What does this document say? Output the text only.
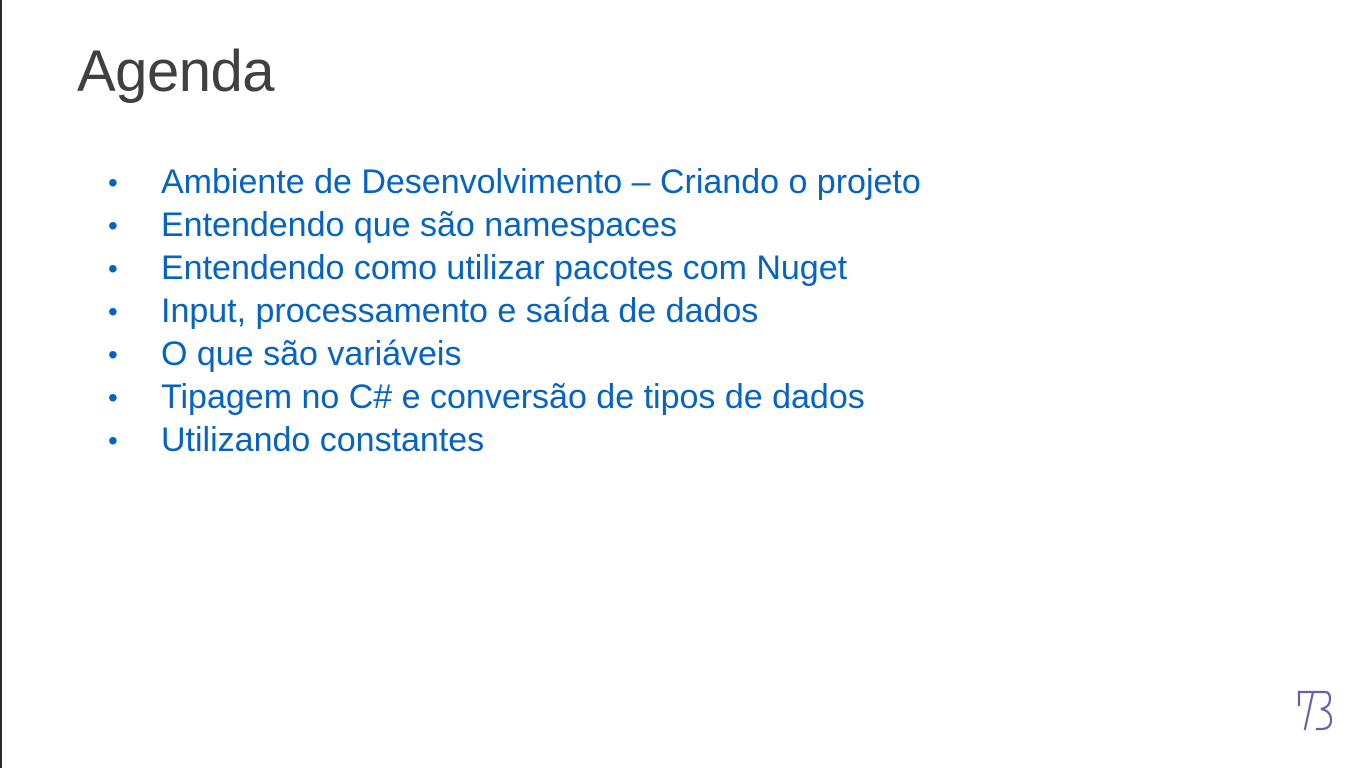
Agenda
•	Ambiente de Desenvolvimento – Criando o projeto
•	Entendendo que são namespaces
•	Entendendo como utilizar pacotes com Nuget
•	Input, processamento e saída de dados
•	O que são variáveis
•	Tipagem no C# e conversão de tipos de dados
•	Utilizando constantes
